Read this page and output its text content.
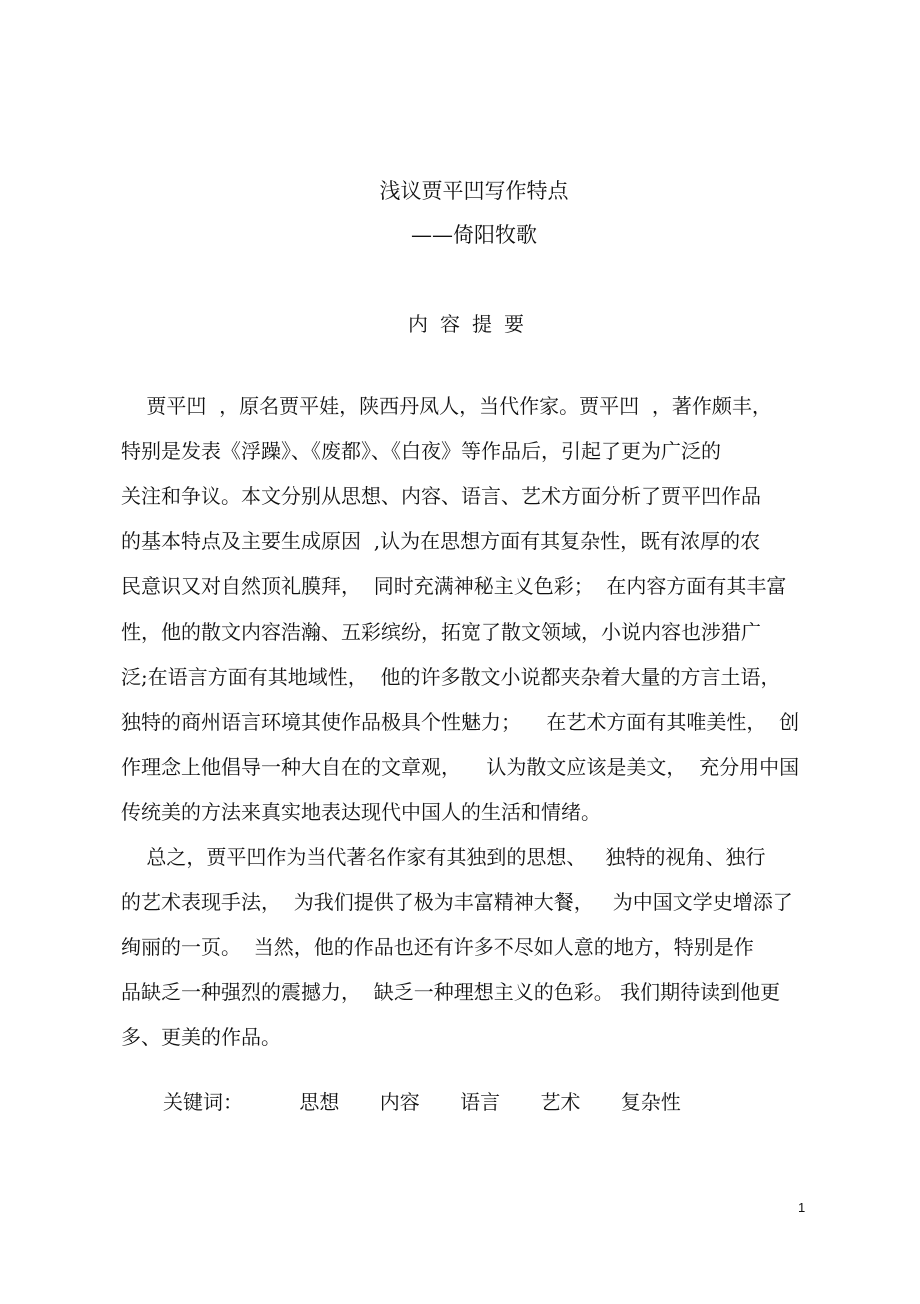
浅议贾平凹写作特点
——倚阳牧歌
内容提要
贾平凹  ，原名贾平娃，陕西丹凤人，当代作家。贾平凹  ，著作颇丰，
特别是发表《浮躁》、《废都》、《白夜》等作品后，引起了更为广泛的
关注和争议。本文分别从思想、内容、语言、艺术方面分析了贾平凹作品
的基本特点及主要生成原因  ,认为在思想方面有其复杂性，既有浓厚的农
民意识又对自然顶礼膜拜，  同时充满神秘主义色彩；  在内容方面有其丰富
性，他的散文内容浩瀚、五彩缤纷，拓宽了散文领域，小说内容也涉猎广
泛;在语言方面有其地域性，  他的许多散文小说都夹杂着大量的方言土语，
独特的商州语言环境其使作品极具个性魅力；    在艺术方面有其唯美性，  创
作理念上他倡导一种大自在的文章观，    认为散文应该是美文，  充分用中国
传统美的方法来真实地表达现代中国人的生活和情绪。
总之，贾平凹作为当代著名作家有其独到的思想、   独特的视角、独行
的艺术表现手法，  为我们提供了极为丰富精神大餐，   为中国文学史增添了
绚丽的一页。  当然，他的作品也还有许多不尽如人意的地方，特别是作
品缺乏一种强烈的震撼力，  缺乏一种理想主义的色彩。 我们期待读到他更
多、更美的作品。
关键词：	思想 内容 语言 艺术 复杂性
1
